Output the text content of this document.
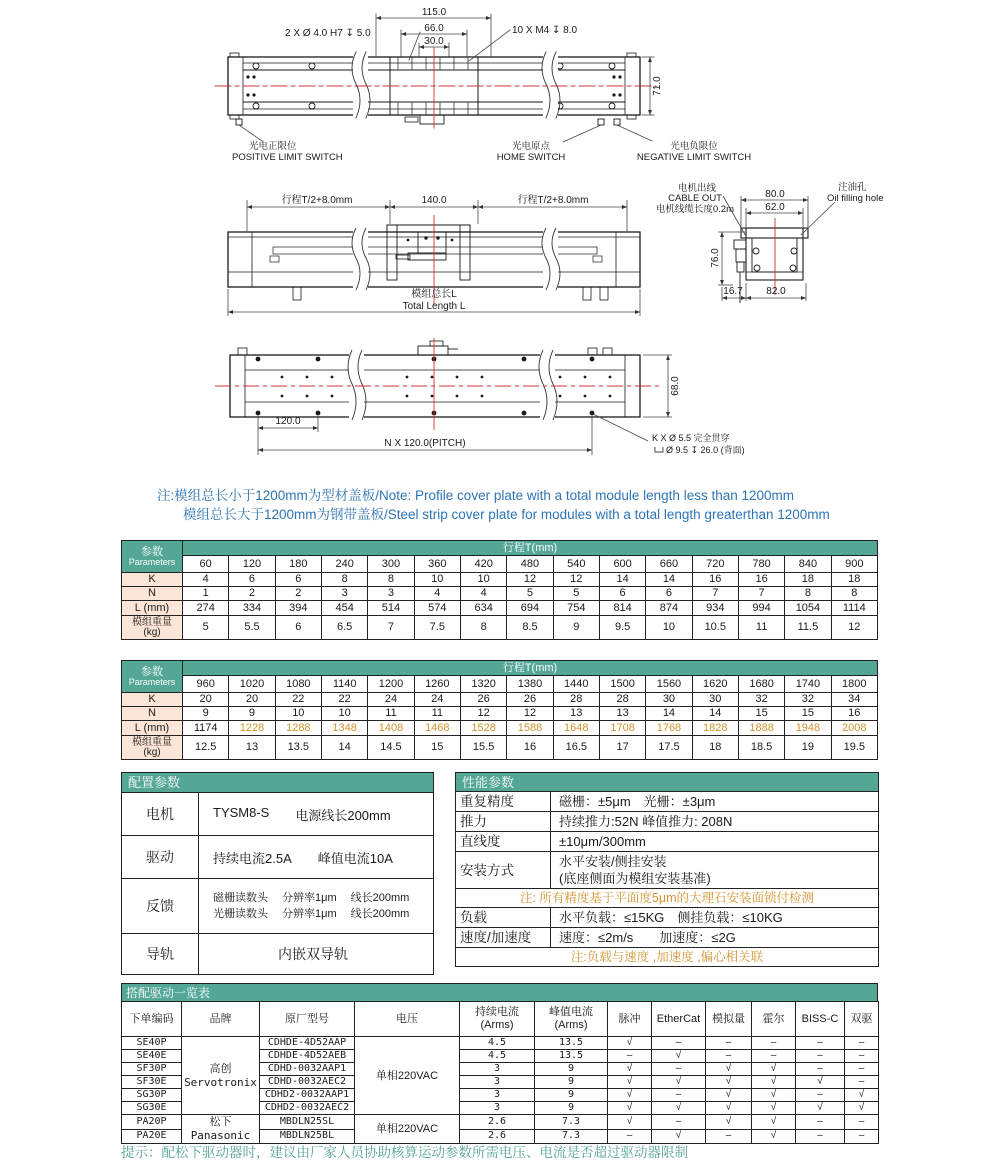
115.0
66.0
30.0
2 X Ø 4.0 H7 ↧ 5.0	10 X M4 ↧ 8.0
71.0
光电正限位
POSITIVE LIMIT SWITCH
光电原点
HOME SWITCH
光电负限位
NEGATIVE LIMIT SWITCH
行程T/2+8.0mm	140.0	行程T/2+8.0mm
模组总长L
Total Length L
80.0
62.0
76.0
16.7 82.0
电机出线
CABLE OUT
电机线缆长度0.2m
注油孔
Oil filling hole
120.0
N X 120.0(PITCH)
68.0
K X Ø 5.5 完全贯穿
Ø 9.5 ↧ 26.0 (背面)
注:模组总长小于1200mm为型材盖板/Note: Profile cover plate with a total module length less than 1200mm
模组总长大于1200mm为钢带盖板/Steel strip cover plate for modules with a total length greaterthan 1200mm
参数
Parameters	行程T(mm)														
	60	120	180	240	300	360	420	480	540	600	660	720	780	840	900
K	4	6	6	8	8	10	10	12	12	14	14	16	16	18	18
N	1	2	2	3	3	4	4	5	5	6	6	7	7	8	8
L (mm)	274	334	394	454	514	574	634	694	754	814	874	934	994	1054	1114

模组重量
(kg)	5	5.5	6	6.5	7	7.5	8	8.5	9	9.5	10	10.5	11	11.5	12
参数
Parameters	行程T(mm)														
	960	1020	1080	1140	1200	1260	1320	1380	1440	1500	1560	1620	1680	1740	1800
K	20	20	22	22	24	24	26	26	28	28	30	30	32	32	34
N	9	9	10	10	11	11	12	12	13	13	14	14	15	15	16
L (mm)	1174	1228	1288	1348	1408	1468	1528	1588	1648	1708	1768	1828	1888	1948	2008

模组重量
(kg)	12.5	13	13.5	14	14.5	15	15.5	16	16.5	17	17.5	18	18.5	19	19.5
配置参数
电机	TYSM8-S 电源线长200mm

驱动	持续电流2.5A 峰值电流10A

反馈	磁栅读数头 分辨率1μm 线长200mm
光栅读数头 分辨率1μm 线长200mm

导轨	内嵌双导轨
性能参数
重复精度	磁栅：±5μm　光栅：±3μm

推力	持续推力:52N 峰值推力: 208N

直线度	±10μm/300mm

安装方式	水平安装/侧挂安装
(底座侧面为模组安装基准)

注: 所有精度基于平面度5μm的大理石安装面锁付检测	
负载	水平负载：≤15KG　侧挂负载：≤10KG

速度/加速度	速度：≤2m/s　　加速度：≤2G

注:负载与速度 ,加速度 ,偏心相关联	
搭配驱动一览表
下单编码	品牌	原厂型号	电压	持续电流
(Arms)	峰值电流
(Arms)	脉冲	EtherCat	模拟量	霍尔	BISS-C	双驱
SE40P	高创
Servotronix	CDHDE-4D52AAP	单相220VAC	4.5	13.5	√	–	–	–	–	–
SE40E		CDHDE-4D52AEB		4.5	13.5	–	√	–	–	–	–
SF30P		CDHD-0032AAP1		3	9	√	–	√	√	–	–
SF30E		CDHD-0032AEC2		3	9	√	√	√	√	√	–
SG30P		CDHD2-0032AAP1		3	9	√	–	√	√	–	√
SG30E		CDHD2-0032AEC2		3	9	√	√	√	√	√	√
PA20P	松下
Panasonic	MBDLN25SL	单相220VAC	2.6	7.3	√	–	√	√	–	–
PA20E		MBDLN25BL		2.6	7.3	–	√	–	√	–	–
提示：配松下驱动器时，建议由厂家人员协助核算运动参数所需电压、电流是否超过驱动器限制
